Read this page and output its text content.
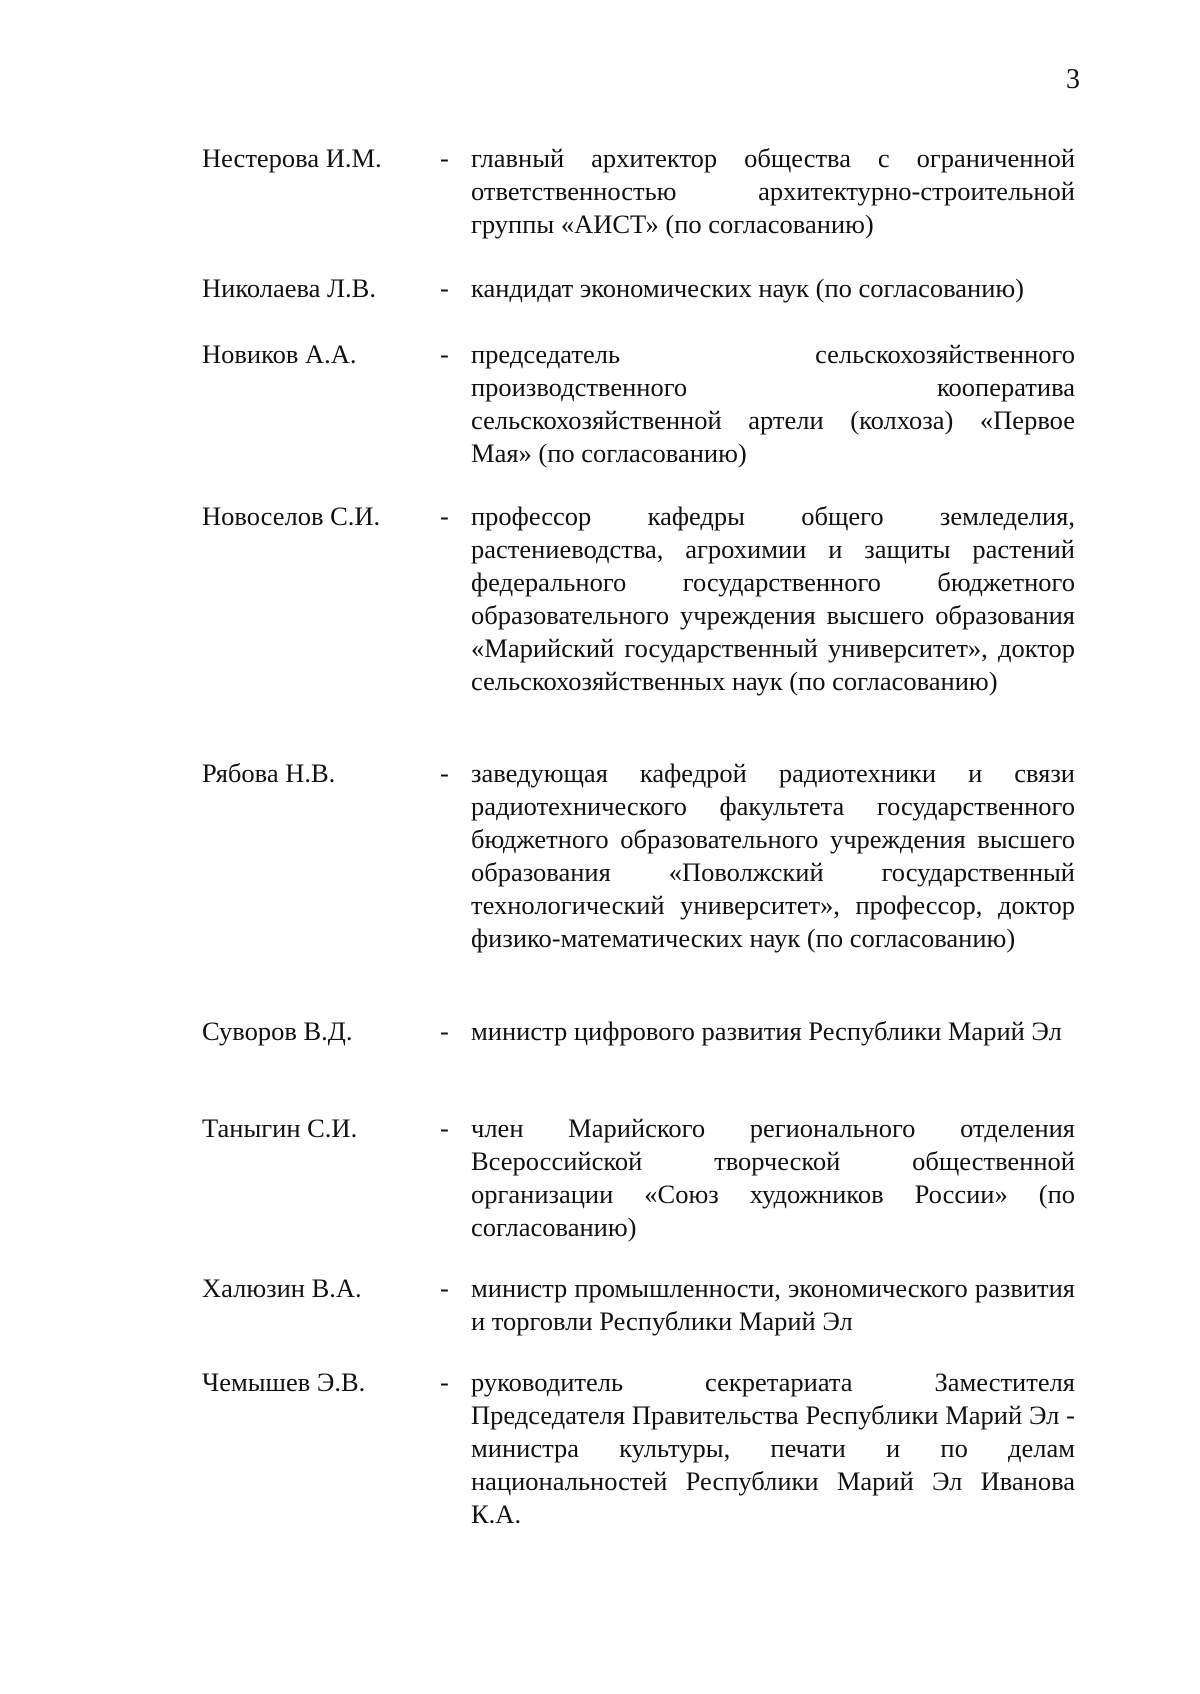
3
Нестерова И.М. - главный архитектор общества с ограниченной ответственностью архитектурно-строительной группы «АИСТ» (по согласованию)
Николаева Л.В. - кандидат экономических наук (по согласованию)
Новиков А.А.	- председатель сельскохозяйственного производственного кооператива сельскохозяйственной артели (колхоза) «Первое Мая» (по согласованию)
Новоселов С.И. - профессор кафедры общего земледелия, растениеводства, агрохимии и защиты растений федерального государственного бюджетного образовательного учреждения высшего образования «Марийский государственный университет», доктор сельскохозяйственных наук (по согласованию)
Рябова Н.В.	- заведующая кафедрой радиотехники и связи радиотехнического факультета государственного бюджетного образовательного учреждения высшего образования «Поволжский государственный технологический университет», профессор, доктор физико-математических наук (по согласованию)
Суворов В.Д.	- министр цифрового развития Республики Марий Эл
Таныгин С.И.	- член Марийского регионального отделения Всероссийской творческой общественной организации «Союз художников России» (по согласованию)
Халюзин В.А.	- министр промышленности, экономического развития и торговли Республики Марий Эл
Чемышев Э.В.	- руководитель секретариата Заместителя Председателя Правительства Республики Марий Эл - министра культуры, печати и по делам национальностей Республики Марий Эл Иванова К.А.
